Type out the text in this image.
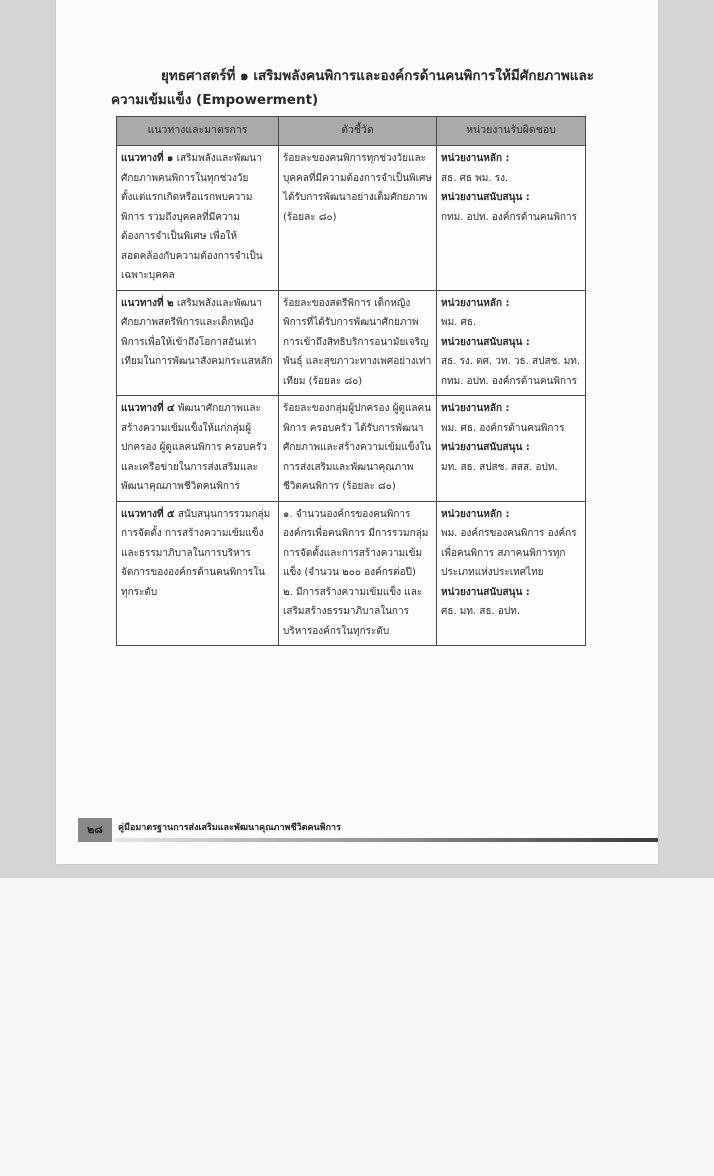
ยุทธศาสตร์ที่ ๑ เสริมพลังคนพิการและองค์กรด้านคนพิการให้มีศักยภาพและ
ความเข้มแข็ง (Empowerment)
แนวทางและมาตรการ	ตัวชี้วัด	หน่วยงานรับผิดชอบ
แนวทางที่ ๑ เสริมพลังและพัฒนาศักยภาพคนพิการในทุกช่วงวัย ตั้งแต่แรกเกิดหรือแรกพบความพิการ รวมถึงบุคคลที่มีความต้องการจำเป็นพิเศษ เพื่อให้สอดคล้องกับความต้องการจำเป็นเฉพาะบุคคล	ร้อยละของคนพิการทุกช่วงวัยและบุคคลที่มีความต้องการจำเป็นพิเศษได้รับการพัฒนาอย่างเต็มศักยภาพ (ร้อยละ ๘๐)	หน่วยงานหลัก :
สธ. ศธ พม. รง.
หน่วยงานสนับสนุน :
กทม. อปท. องค์กรด้านคนพิการ

แนวทางที่ ๒ เสริมพลังและพัฒนาศักยภาพสตรีพิการและเด็กหญิงพิการเพื่อให้เข้าถึงโอกาสอันเท่าเทียมในการพัฒนาสังคมกระแสหลัก	ร้อยละของสตรีพิการ เด็กหญิงพิการที่ได้รับการพัฒนาศักยภาพ การเข้าถึงสิทธิบริการอนามัยเจริญพันธุ์ และสุขภาวะทางเพศอย่างเท่าเทียม (ร้อยละ ๘๐)	หน่วยงานหลัก :
พม. ศธ.
หน่วยงานสนับสนุน :
สธ. รง. ดศ. วท. วธ. สปสช. มท. กทม. อปท. องค์กรด้านคนพิการ

แนวทางที่ ๔ พัฒนาศักยภาพและสร้างความเข้มแข็งให้แก่กลุ่มผู้ปกครอง ผู้ดูแลคนพิการ ครอบครัวและเครือข่ายในการส่งเสริมและพัฒนาคุณภาพชีวิตคนพิการ	ร้อยละของกลุ่มผู้ปกครอง ผู้ดูแลคนพิการ ครอบครัว ได้รับการพัฒนาศักยภาพและสร้างความเข้มแข็งในการส่งเสริมและพัฒนาคุณภาพชีวิตคนพิการ (ร้อยละ ๘๐)	หน่วยงานหลัก :
พม. ศธ. องค์กรด้านคนพิการ
หน่วยงานสนับสนุน :
มท. สธ. สปสช. สสส. อปท.

แนวทางที่ ๕ สนับสนุนการรวมกลุ่ม การจัดตั้ง การสร้างความเข้มแข็ง และธรรมาภิบาลในการบริหารจัดการขององค์กรด้านคนพิการในทุกระดับ	๑. จำนวนองค์กรของคนพิการ องค์กรเพื่อคนพิการ มีการรวมกลุ่ม การจัดตั้งและการสร้างความเข้มแข็ง (จำนวน ๒๐๐ องค์กรต่อปี)
๒. มีการสร้างความเข้มแข็ง และเสริมสร้างธรรมาภิบาลในการบริหารองค์กรในทุกระดับ	หน่วยงานหลัก :
พม. องค์กรของคนพิการ องค์กรเพื่อคนพิการ สภาคนพิการทุกประเภทแห่งประเทศไทย
หน่วยงานสนับสนุน :
ศธ. มท. สธ. อปท.
๒๘	คู่มือมาตรฐานการส่งเสริมและพัฒนาคุณภาพชีวิตคนพิการ
